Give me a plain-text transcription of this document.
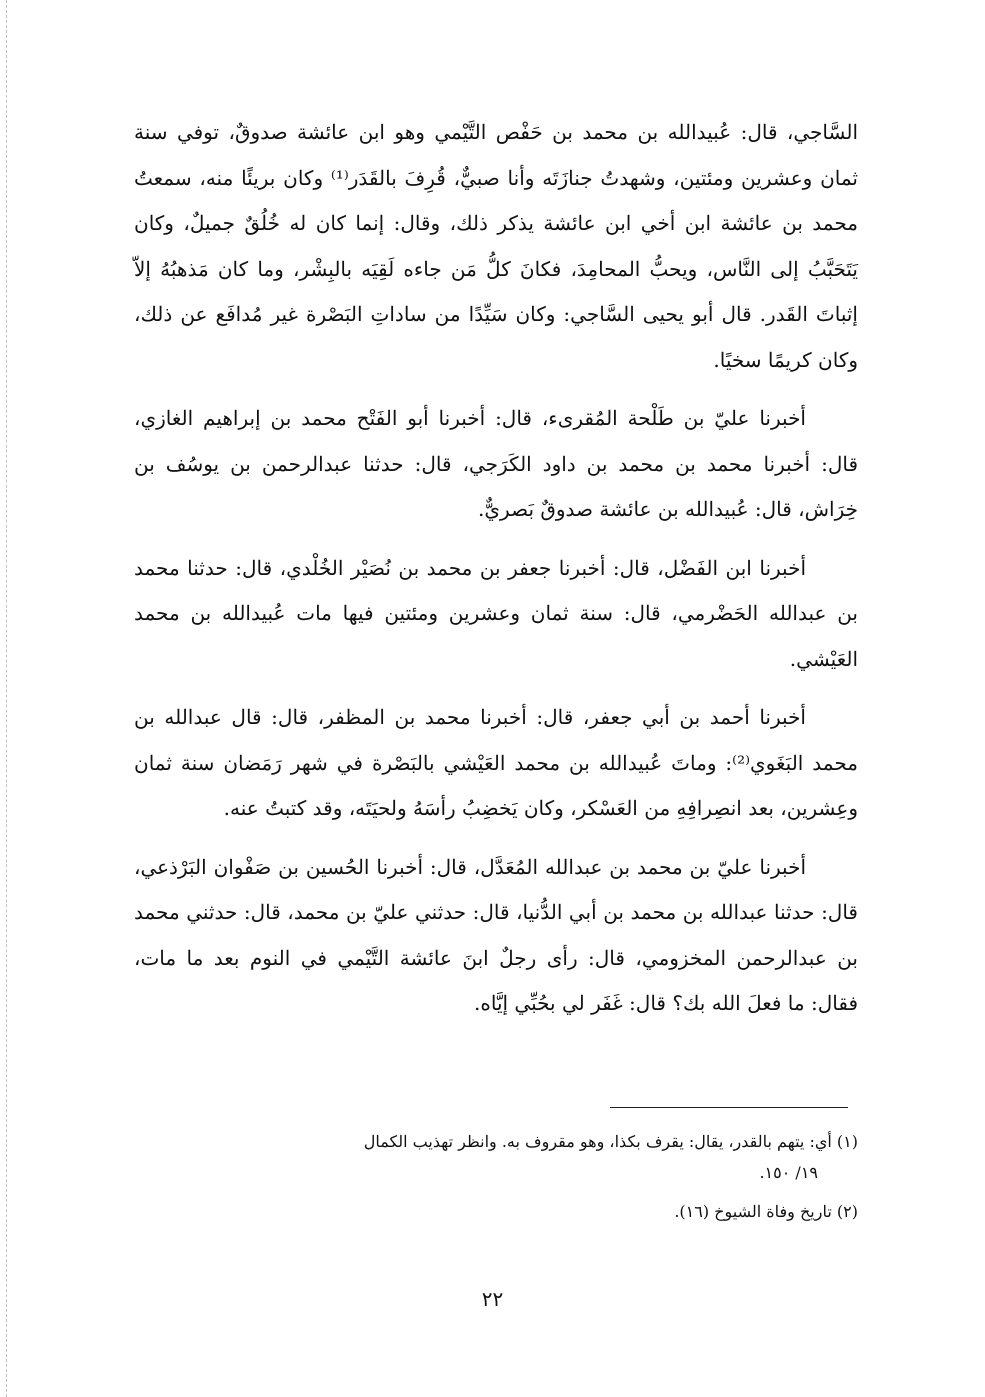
السَّاجي، قال: عُبيدالله بن محمد بن حَفْص التَّيْمي وهو ابن عائشة صدوقٌ، توفي سنة ثمان وعشرين ومئتين، وشهدتُ جنازَتَه وأنا صبيٌّ، قُرِفَ بالقَدَر⁽¹⁾ وكان بريئًا منه، سمعتُ محمد بن عائشة ابن أخي ابن عائشة يذكر ذلك، وقال: إنما كان له خُلُقٌ جميلٌ، وكان يَتَحَبَّبُ إلى النَّاس، ويحبُّ المحامِدَ، فكانَ كلُّ مَن جاءه لَقِيَه بالبِشْر، وما كان مَذهبُهُ إلاّ إثباتَ القَدر. قال أبو يحيى السَّاجي: وكان سَيِّدًا من ساداتِ البَصْرة غير مُدافَع عن ذلك، وكان كريمًا سخيًا.

أخبرنا عليّ بن طَلْحة المُقرىء، قال: أخبرنا أبو الفَتْح محمد بن إبراهيم الغازي، قال: أخبرنا محمد بن محمد بن داود الكَرَجي، قال: حدثنا عبدالرحمن بن يوسُف بن خِرَاش، قال: عُبيدالله بن عائشة صدوقٌ بَصريٌّ.

أخبرنا ابن الفَضْل، قال: أخبرنا جعفر بن محمد بن نُصَيْر الخُلْدي، قال: حدثنا محمد بن عبدالله الحَضْرمي، قال: سنة ثمان وعشرين ومئتين فيها مات عُبيدالله بن محمد العَيْشي.

أخبرنا أحمد بن أبي جعفر، قال: أخبرنا محمد بن المظفر، قال: قال عبدالله بن محمد البَغَوي⁽²⁾: وماتَ عُبيدالله بن محمد العَيْشي بالبَصْرة في شهر رَمَضان سنة ثمان وعِشرين، بعد انصِرافِهِ من العَسْكر، وكان يَخضِبُ رأسَهُ ولحيَتَه، وقد كتبتُ عنه.

أخبرنا عليّ بن محمد بن عبدالله المُعَدَّل، قال: أخبرنا الحُسين بن صَفْوان البَرْذعي، قال: حدثنا عبدالله بن محمد بن أبي الدُّنيا، قال: حدثني عليّ بن محمد، قال: حدثني محمد بن عبدالرحمن المخزومي، قال: رأى رجلٌ ابنَ عائشة التَّيْمي في النوم بعد ما مات، فقال: ما فعلَ الله بك؟ قال: غَفَر لي بحُبِّي إيَّاه.

(١) أي: يتهم بالقدر، يقال: يقرف بكذا، وهو مقروف به. وانظر تهذيب الكمال
١٩/ ١٥٠.
(٢) تاريخ وفاة الشيوخ (١٦).
٢٢
